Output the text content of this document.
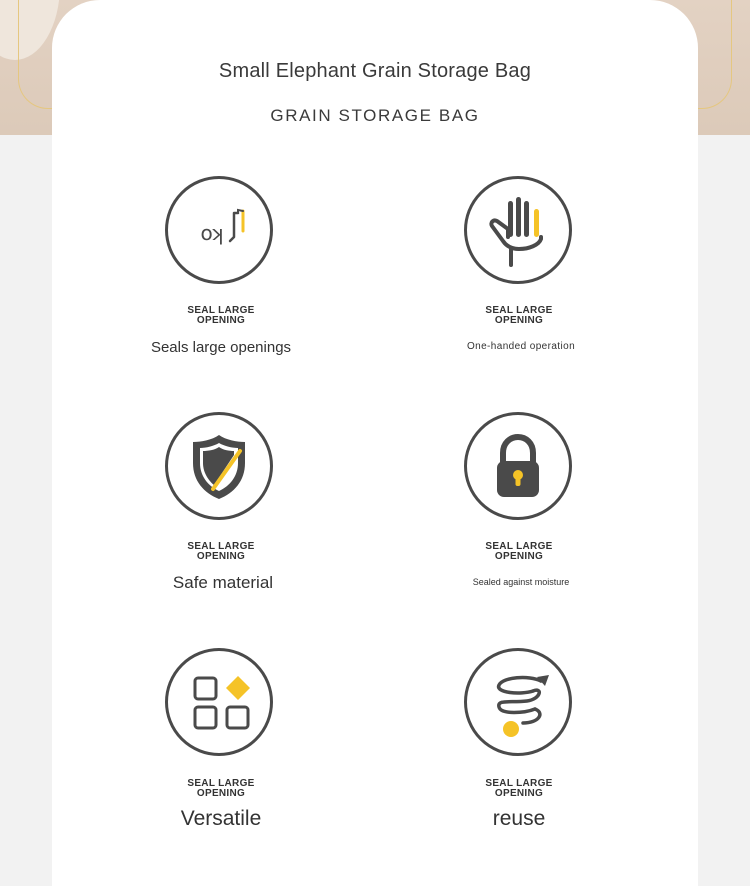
Small Elephant Grain Storage Bag
GRAIN STORAGE BAG
ko
SEAL LARGE
OPENING
Seals large openings
SEAL LARGE
OPENING
One-handed operation
SEAL LARGE
OPENING
Safe material
SEAL LARGE
OPENING
Sealed against moisture
SEAL LARGE
OPENING
Versatile
SEAL LARGE
OPENING
reuse
